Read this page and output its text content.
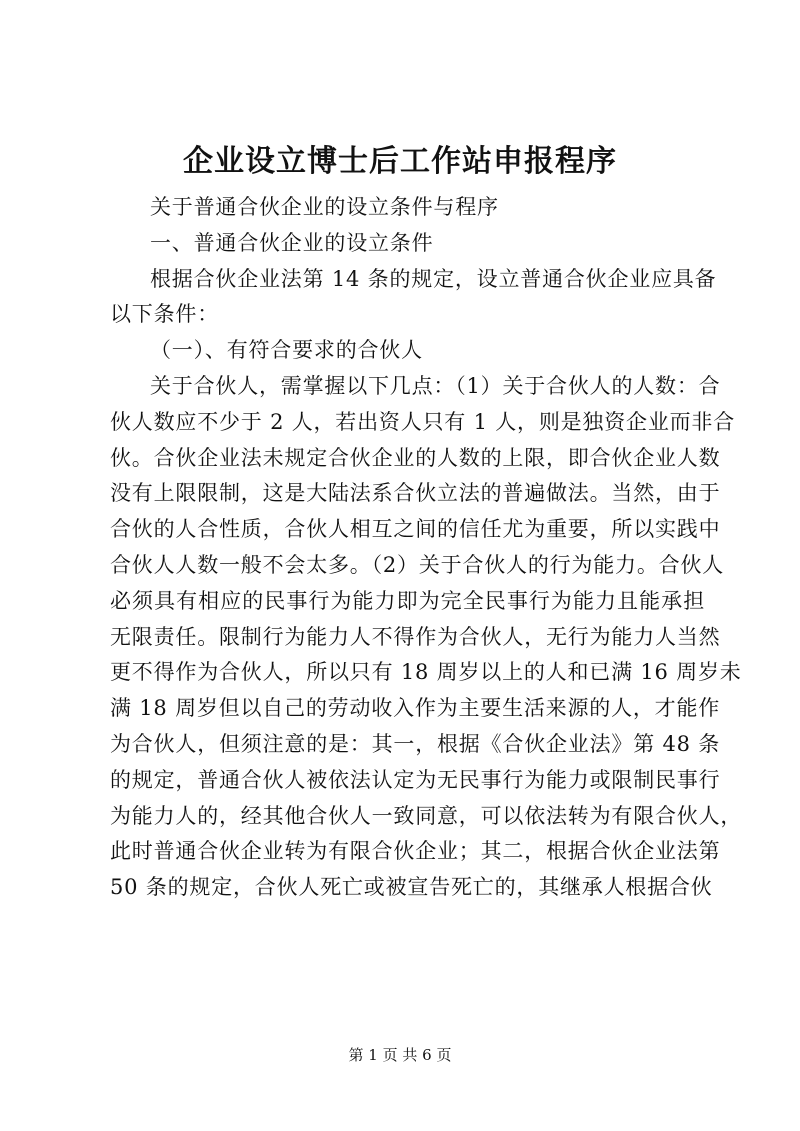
企业设立博士后工作站申报程序
关于普通合伙企业的设立条件与程序
一、普通合伙企业的设立条件
根据合伙企业法第 14 条的规定，设立普通合伙企业应具备
以下条件：
（一）、有符合要求的合伙人
关于合伙人，需掌握以下几点：（1）关于合伙人的人数：合
伙人数应不少于 2 人，若出资人只有 1 人，则是独资企业而非合
伙。合伙企业法未规定合伙企业的人数的上限，即合伙企业人数
没有上限限制，这是大陆法系合伙立法的普遍做法。当然，由于
合伙的人合性质，合伙人相互之间的信任尤为重要，所以实践中
合伙人人数一般不会太多。（2）关于合伙人的行为能力。合伙人
必须具有相应的民事行为能力即为完全民事行为能力且能承担
无限责任。限制行为能力人不得作为合伙人，无行为能力人当然
更不得作为合伙人，所以只有 18 周岁以上的人和已满 16 周岁未
满 18 周岁但以自己的劳动收入作为主要生活来源的人，才能作
为合伙人，但须注意的是：其一，根据《合伙企业法》第 48 条
的规定，普通合伙人被依法认定为无民事行为能力或限制民事行
为能力人的，经其他合伙人一致同意，可以依法转为有限合伙人，
此时普通合伙企业转为有限合伙企业；其二，根据合伙企业法第
50 条的规定，合伙人死亡或被宣告死亡的，其继承人根据合伙
第 1 页 共 6 页
